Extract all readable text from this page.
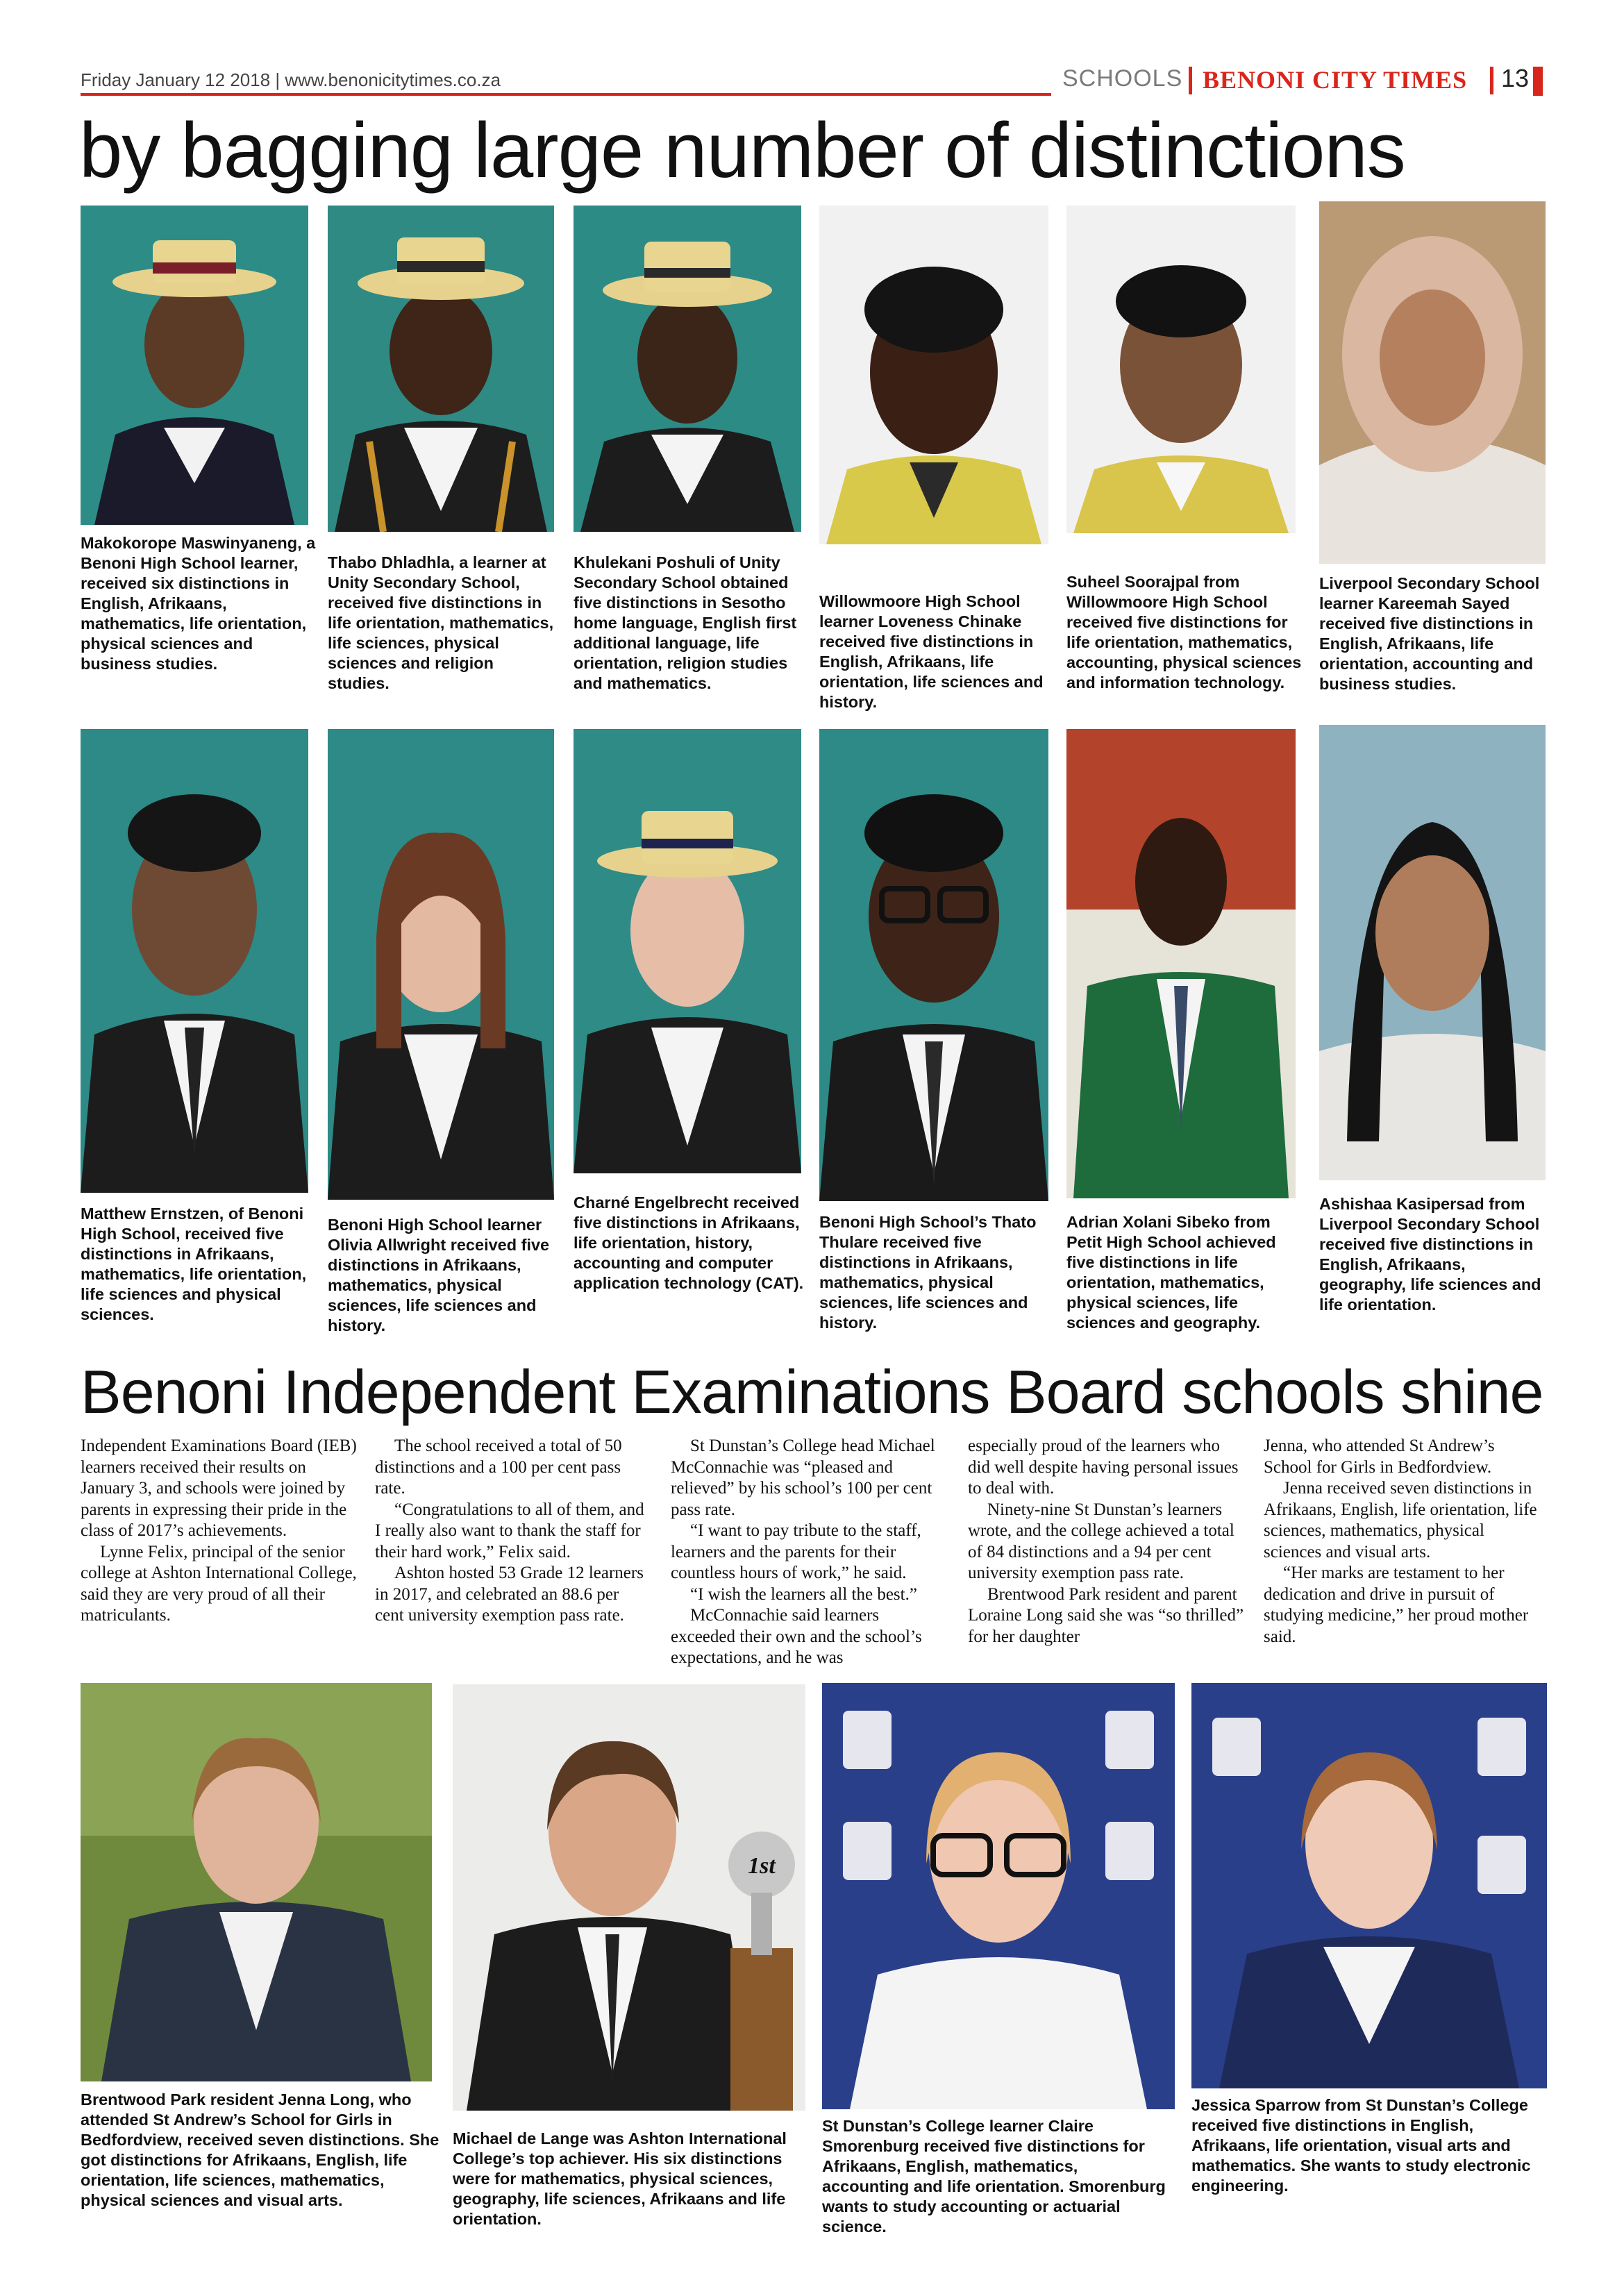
Friday January 12 2018 | www.benonicitytimes.co.za	SCHOOLS BENONI CITY TIMES 13
by bagging large number of distinctions
Makokorope Maswinyaneng, a Benoni High School learner, received six distinctions in English, Afrikaans, mathematics, life orientation, physical sciences and business studies.
Thabo Dhladhla, a learner at Unity Secondary School, received five distinctions in life orientation, mathematics, life sciences, physical sciences and religion studies.
Khulekani Poshuli of Unity Secondary School obtained five distinctions in Sesotho home language, English first additional language, life orientation, religion studies and mathematics.
Willowmoore High School learner Loveness Chinake received five distinctions in English, Afrikaans, life orientation, life sciences and history.
Suheel Soorajpal from Willowmoore High School received five distinctions for life orientation, mathematics, accounting, physical sciences and information technology.
Liverpool Secondary School learner Kareemah Sayed received five distinctions in English, Afrikaans, life orientation, accounting and business studies.
Matthew Ernstzen, of Benoni High School, received five distinctions in Afrikaans, mathematics, life orientation, life sciences and physical sciences.
Benoni High School learner Olivia Allwright received five distinctions in Afrikaans, mathematics, physical sciences, life sciences and history.
Charné Engelbrecht received five distinctions in Afrikaans, life orientation, history, accounting and computer application technology (CAT).
Benoni High School’s Thato Thulare received five distinctions in Afrikaans, mathematics, physical sciences, life sciences and history.
Adrian Xolani Sibeko from Petit High School achieved five distinctions in life orientation, mathematics, physical sciences, life sciences and geography.
Ashishaa Kasipersad from Liverpool Secondary School received five distinctions in English, Afrikaans, geography, life sciences and life orientation.
Benoni Independent Examinations Board schools shine

Independent Examinations Board (IEB) learners received their results on January 3, and schools were joined by parents in expressing their pride in the class of 2017’s achievements.

Lynne Felix, principal of the senior college at Ashton International College, said they are very proud of all their matriculants.

The school received a total of 50 distinctions and a 100 per cent pass rate.

“Congratulations to all of them, and I really also want to thank the staff for their hard work,” Felix said.

Ashton hosted 53 Grade 12 learners in 2017, and celebrated an 88.6 per cent university exemption pass rate.

St Dunstan’s College head Michael McConnachie was “pleased and relieved” by his school’s 100 per cent pass rate.

“I want to pay tribute to the staff, learners and the parents for their countless hours of work,” he said.

“I wish the learners all the best.”

McConnachie said learners exceeded their own and the school’s expectations, and he was

especially proud of the learners who did well despite having personal issues to deal with.

Ninety-nine St Dunstan’s learners wrote, and the college achieved a total of 84 distinctions and a 94 per cent university exemption pass rate.

Brentwood Park resident and parent Loraine Long said she was “so thrilled” for her daughter

Jenna, who attended St Andrew’s School for Girls in Bedfordview.

Jenna received seven distinctions in Afrikaans, English, life orientation, life sciences, mathematics, physical sciences and visual arts.

“Her marks are testament to her dedication and drive in pursuit of studying medicine,” her proud mother said.

1st
Brentwood Park resident Jenna Long, who attended St Andrew’s School for Girls in Bedfordview, received seven distinctions. She got distinctions for Afrikaans, English, life orientation, life sciences, mathematics, physical sciences and visual arts.
Michael de Lange was Ashton International College’s top achiever. His six distinctions were for mathematics, physical sciences, geography, life sciences, Afrikaans and life orientation.
St Dunstan’s College learner Claire Smorenburg received five distinctions for Afrikaans, English, mathematics, accounting and life orientation. Smorenburg wants to study accounting or actuarial science.
Jessica Sparrow from St Dunstan’s College received five distinctions in English, Afrikaans, life orientation, visual arts and mathematics. She wants to study electronic engineering.
